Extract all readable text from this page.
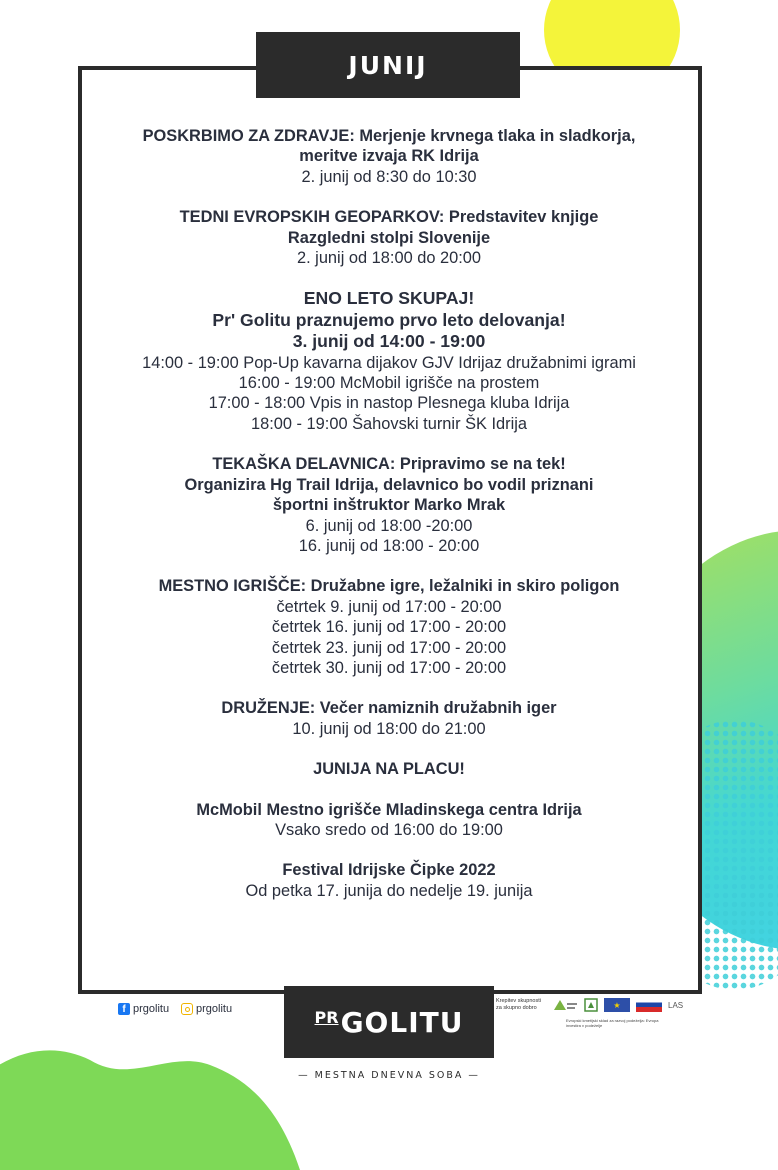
JUNIJ
POSKRBIMO ZA ZDRAVJE: Merjenje krvnega tlaka in sladkorja,
meritve izvaja RK Idrija
2. junij od 8:30 do 10:30
TEDNI EVROPSKIH GEOPARKOV: Predstavitev knjige
Razgledni stolpi Slovenije
2. junij od 18:00 do 20:00
ENO LETO SKUPAJ!
Pr' Golitu praznujemo prvo leto delovanja!
3. junij od 14:00 - 19:00
14:00 - 19:00 Pop-Up kavarna dijakov GJV Idrijaz družabnimi igrami
16:00 - 19:00 McMobil igrišče na prostem
17:00 - 18:00 Vpis in nastop Plesnega kluba Idrija
18:00 - 19:00 Šahovski turnir ŠK Idrija
TEKAŠKA DELAVNICA: Pripravimo se na tek!
Organizira Hg Trail Idrija, delavnico bo vodil priznani
športni inštruktor Marko Mrak
6. junij od 18:00 -20:00
16. junij od 18:00 - 20:00
MESTNO IGRIŠČE: Družabne igre, ležalniki in skiro poligon
četrtek 9. junij od 17:00 - 20:00
četrtek 16. junij od 17:00 - 20:00
četrtek 23. junij od 17:00 - 20:00
četrtek 30. junij od 17:00 - 20:00
DRUŽENJE: Večer namiznih družabnih iger
10. junij od 18:00 do 21:00
JUNIJA NA PLACU!
McMobil Mestno igrišče Mladinskega centra Idrija
Vsako sredo od 16:00 do 19:00
Festival Idrijske Čipke 2022
Od petka 17. junija do nedelje 19. junija
f prgolitu prgolitu	PR GOLITU
— MESTNA DNEVNA SOBA —
Krepitev skupnosti
za skupno dobro	★	LAS
Evropski kmetijski sklad za razvoj podeželja: Evropa investira v podeželje
